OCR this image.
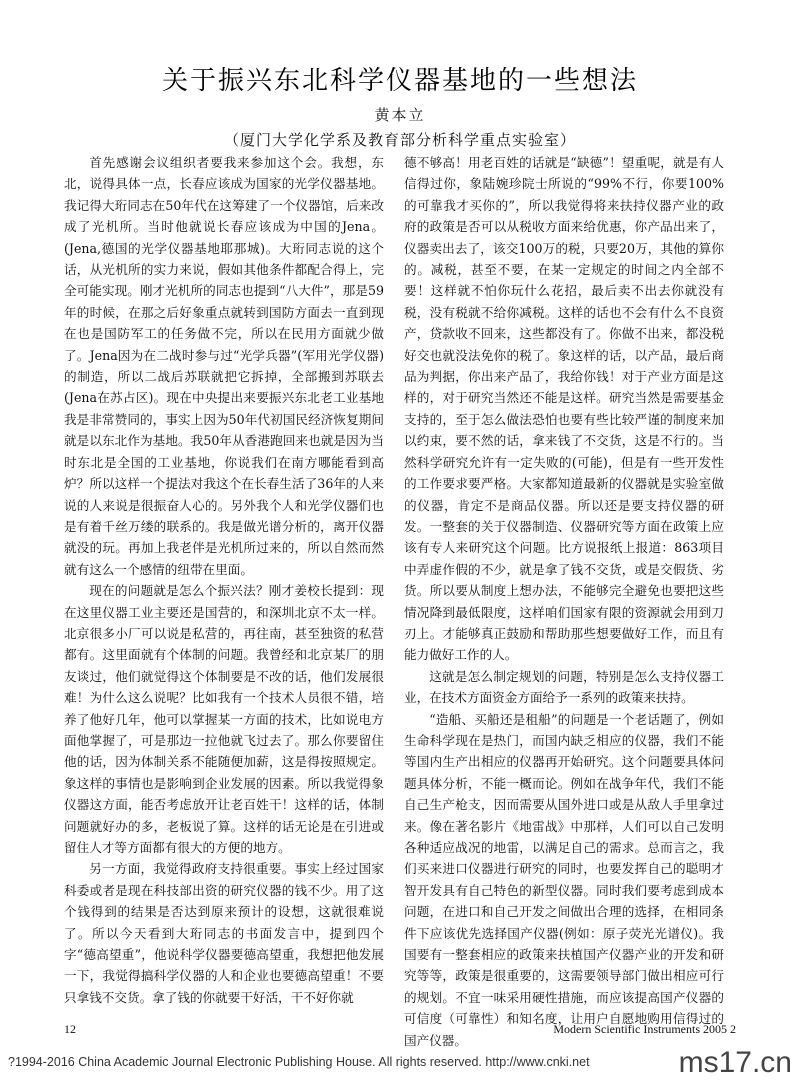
关于振兴东北科学仪器基地的一些想法
黄本立
（厦门大学化学系及教育部分析科学重点实验室）

首先感谢会议组织者要我来参加这个会。我想，东北，说得具体一点，长春应该成为国家的光学仪器基地。我记得大珩同志在50年代在这筹建了一个仪器馆，后来改成了光机所。当时他就说长春应该成为中国的Jena。(Jena,德国的光学仪器基地耶那城)。大珩同志说的这个话，从光机所的实力来说，假如其他条件都配合得上，完全可能实现。刚才光机所的同志也提到“八大件”，那是59年的时候，在那之后好象重点就转到国防方面去一直到现在也是国防军工的任务做不完，所以在民用方面就少做了。Jena因为在二战时参与过“光学兵器”(军用光学仪器)的制造，所以二战后苏联就把它拆掉，全部搬到苏联去(Jena在苏占区)。现在中央提出来要振兴东北老工业基地我是非常赞同的，事实上因为50年代初国民经济恢复期间就是以东北作为基地。我50年从香港跑回来也就是因为当时东北是全国的工业基地，你说我们在南方哪能看到高炉？所以这样一个提法对我这个在长春生活了36年的人来说的人来说是很振奋人心的。另外我个人和光学仪器们也是有着千丝万缕的联系的。我是做光谱分析的，离开仪器就没的玩。再加上我老伴是光机所过来的，所以自然而然就有这么一个感情的纽带在里面。

现在的问题就是怎么个振兴法？刚才姜校长提到：现在这里仪器工业主要还是国营的，和深圳北京不太一样。北京很多小厂可以说是私营的，再往南，甚至独资的私营都有。这里面就有个体制的问题。我曾经和北京某厂的朋友谈过，他们就觉得这个体制要是不改的话，他们发展很难！为什么这么说呢？比如我有一个技术人员很不错，培养了他好几年，他可以掌握某一方面的技术，比如说电方面他掌握了，可是那边一拉他就飞过去了。那么你要留住他的话，因为体制关系不能随便加薪，这是得按照规定。象这样的事情也是影响到企业发展的因素。所以我觉得象仪器这方面，能否考虑放开让老百姓干！这样的话，体制问题就好办的多，老板说了算。这样的话无论是在引进或留住人才等方面都有很大的方便的地方。

另一方面，我觉得政府支持很重要。事实上经过国家科委或者是现在科技部出资的研究仪器的钱不少。用了这个钱得到的结果是否达到原来预计的设想，这就很难说了。所以今天看到大珩同志的书面发言中，提到四个字“德高望重”，他说科学仪器要德高望重，我想把他发展一下，我觉得搞科学仪器的人和企业也要德高望重！不要只拿钱不交货。拿了钱的你就要干好活，干不好你就

德不够高！用老百姓的话就是“缺德”！望重呢，就是有人信得过你，象陆婉珍院士所说的“99%不行，你要100%的可靠我才买你的”，所以我觉得将来扶持仪器产业的政府的政策是否可以从税收方面来给优惠，你产品出来了，仪器卖出去了，该交100万的税，只要20万，其他的算你的。减税，甚至不要，在某一定规定的时间之内全部不要！这样就不怕你玩什么花招，最后卖不出去你就没有税，没有税就不给你减税。这样的话也不会有什么不良资产，贷款收不回来，这些都没有了。你做不出来，都没税好交也就没法免你的税了。象这样的话，以产品，最后商品为判据，你出来产品了，我给你钱！对于产业方面是这样的，对于研究当然还不能是这样。研究当然是需要基金支持的，至于怎么做法恐怕也要有些比较严谨的制度来加以约束，要不然的话，拿来钱了不交货，这是不行的。当然科学研究允许有一定失败的(可能)，但是有一些开发性的工作要求要严格。大家都知道最新的仪器就是实验室做的仪器，肯定不是商品仪器。所以还是要支持仪器的研发。一整套的关于仪器制造、仪器研究等方面在政策上应该有专人来研究这个问题。比方说报纸上报道：863项目中弄虚作假的不少，就是拿了钱不交货，或是交假货、劣货。所以要从制度上想办法，不能够完全避免也要把这些情况降到最低限度，这样咱们国家有限的资源就会用到刀刃上。才能够真正鼓励和帮助那些想要做好工作，而且有能力做好工作的人。

这就是怎么制定规划的问题，特别是怎么支持仪器工业，在技术方面资金方面给予一系列的政策来扶持。

“造船、买船还是租船”的问题是一个老话题了，例如生命科学现在是热门，而国内缺乏相应的仪器，我们不能等国内生产出相应的仪器再开始研究。这个问题要具体问题具体分析，不能一概而论。例如在战争年代，我们不能自己生产枪支，因而需要从国外进口或是从敌人手里拿过来。像在著名影片《地雷战》中那样，人们可以自己发明各种适应战况的地雷，以满足自己的需求。总而言之，我们买来进口仪器进行研究的同时，也要发挥自己的聪明才智开发具有自己特色的新型仪器。同时我们要考虑到成本问题，在进口和自己开发之间做出合理的选择，在相同条件下应该优先选择国产仪器(例如：原子荧光光谱仪)。我国要有一整套相应的政策来扶植国产仪器产业的开发和研究等等，政策是很重要的，这需要领导部门做出相应可行的规划。不宜一味采用硬性措施，而应该提高国产仪器的可信度（可靠性）和知名度，让用户自愿地购用信得过的国产仪器。

12	Modern Scientific Instruments 2005 2
?1994-2016 China Academic Journal Electronic Publishing House. All rights reserved. http://www.cnki.net	ms17.cn
